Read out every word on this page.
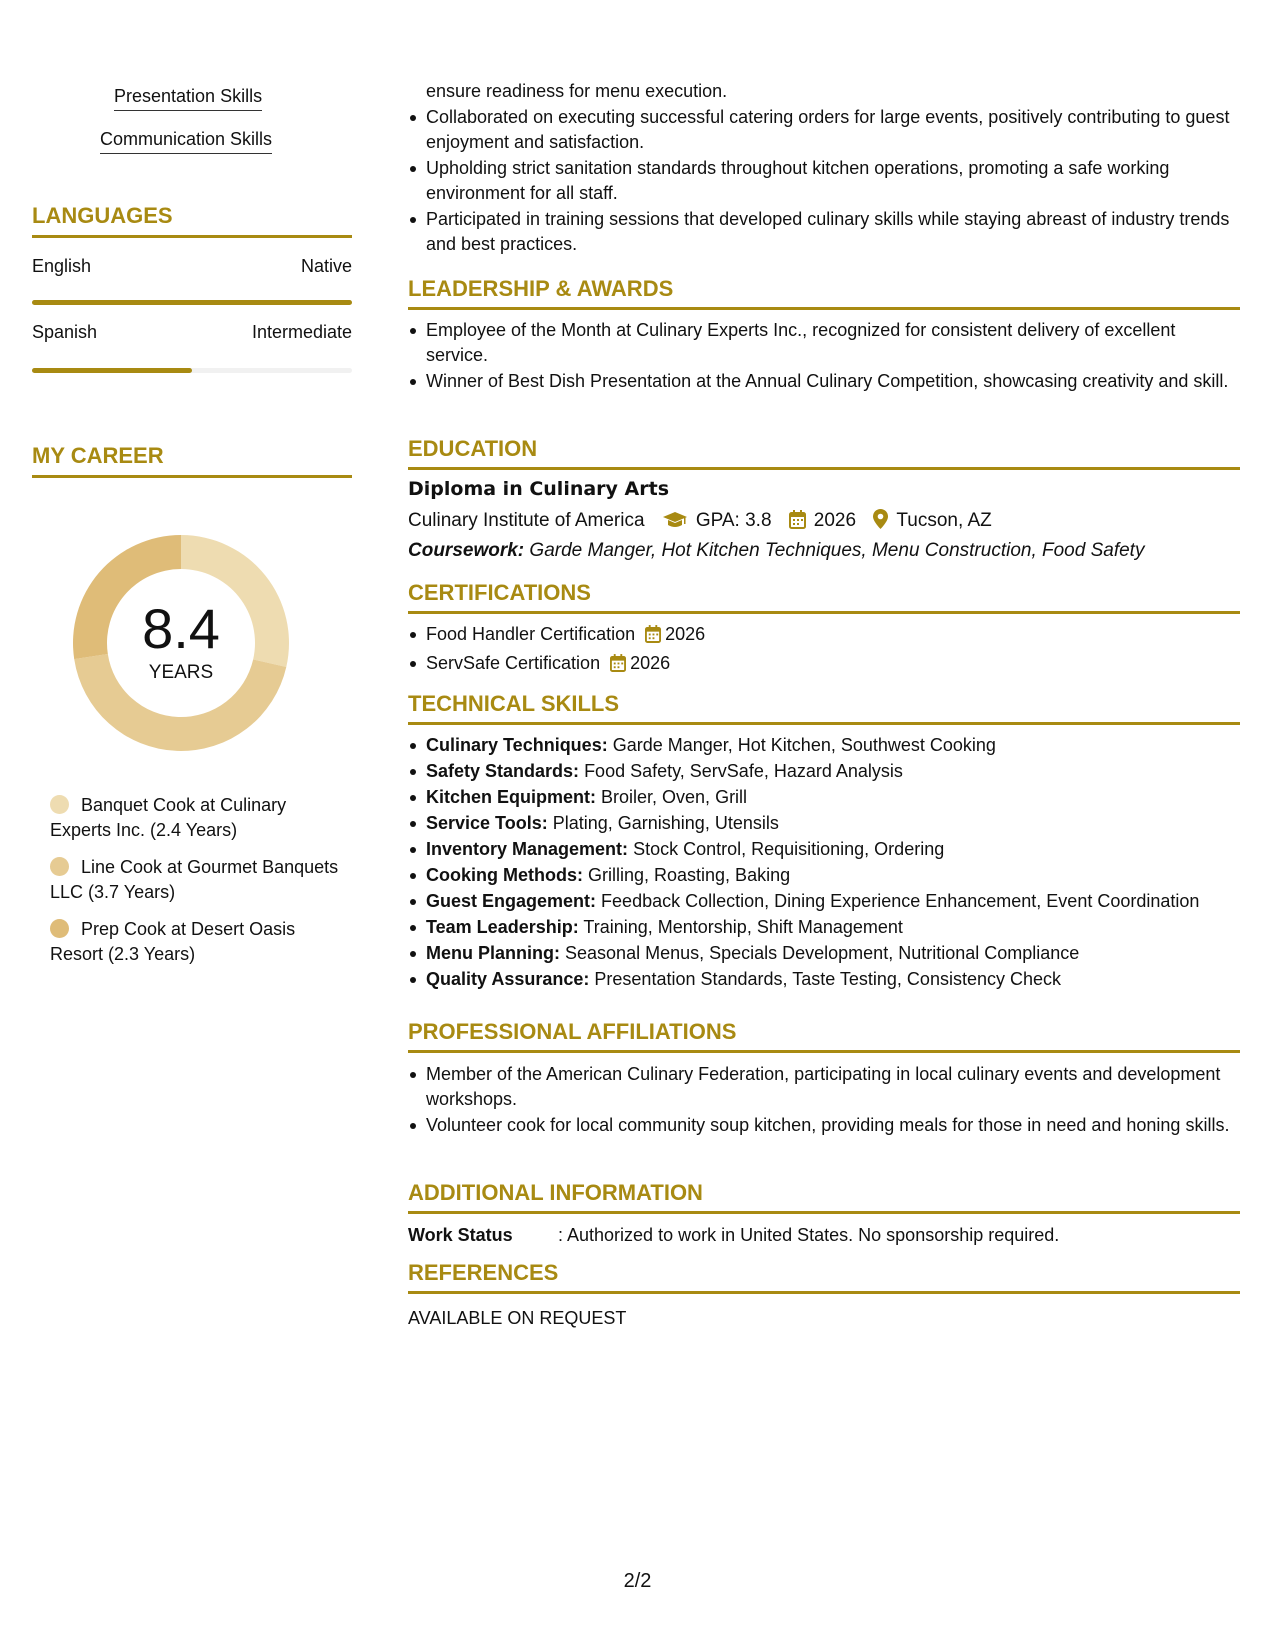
Presentation Skills
Communication Skills
LANGUAGES
English	Native
Spanish	Intermediate
MY CAREER
8.4
YEARS
Banquet Cook at Culinary Experts Inc. (2.4 Years)
Line Cook at Gourmet Banquets LLC (3.7 Years)
Prep Cook at Desert Oasis Resort (2.3 Years)
ensure readiness for menu execution.
Collaborated on executing successful catering orders for large events, positively contributing to guest enjoyment and satisfaction.
Upholding strict sanitation standards throughout kitchen operations, promoting a safe working environment for all staff.
Participated in training sessions that developed culinary skills while staying abreast of industry trends and best practices.
LEADERSHIP & AWARDS
Employee of the Month at Culinary Experts Inc., recognized for consistent delivery of excellent service.
Winner of Best Dish Presentation at the Annual Culinary Competition, showcasing creativity and skill.
EDUCATION
Diploma in Culinary Arts
Culinary Institute of America	GPA: 3.8 2026 Tucson, AZ
Coursework: Garde Manger, Hot Kitchen Techniques, Menu Construction, Food Safety
CERTIFICATIONS
Food Handler Certification 2026
ServSafe Certification 2026
TECHNICAL SKILLS
Culinary Techniques: Garde Manger, Hot Kitchen, Southwest Cooking
Safety Standards: Food Safety, ServSafe, Hazard Analysis
Kitchen Equipment: Broiler, Oven, Grill
Service Tools: Plating, Garnishing, Utensils
Inventory Management: Stock Control, Requisitioning, Ordering
Cooking Methods: Grilling, Roasting, Baking
Guest Engagement: Feedback Collection, Dining Experience Enhancement, Event Coordination
Team Leadership: Training, Mentorship, Shift Management
Menu Planning: Seasonal Menus, Specials Development, Nutritional Compliance
Quality Assurance: Presentation Standards, Taste Testing, Consistency Check
PROFESSIONAL AFFILIATIONS
Member of the American Culinary Federation, participating in local culinary events and development workshops.
Volunteer cook for local community soup kitchen, providing meals for those in need and honing skills.
ADDITIONAL INFORMATION
Work Status	: Authorized to work in United States. No sponsorship required.
REFERENCES
AVAILABLE ON REQUEST
2/2
